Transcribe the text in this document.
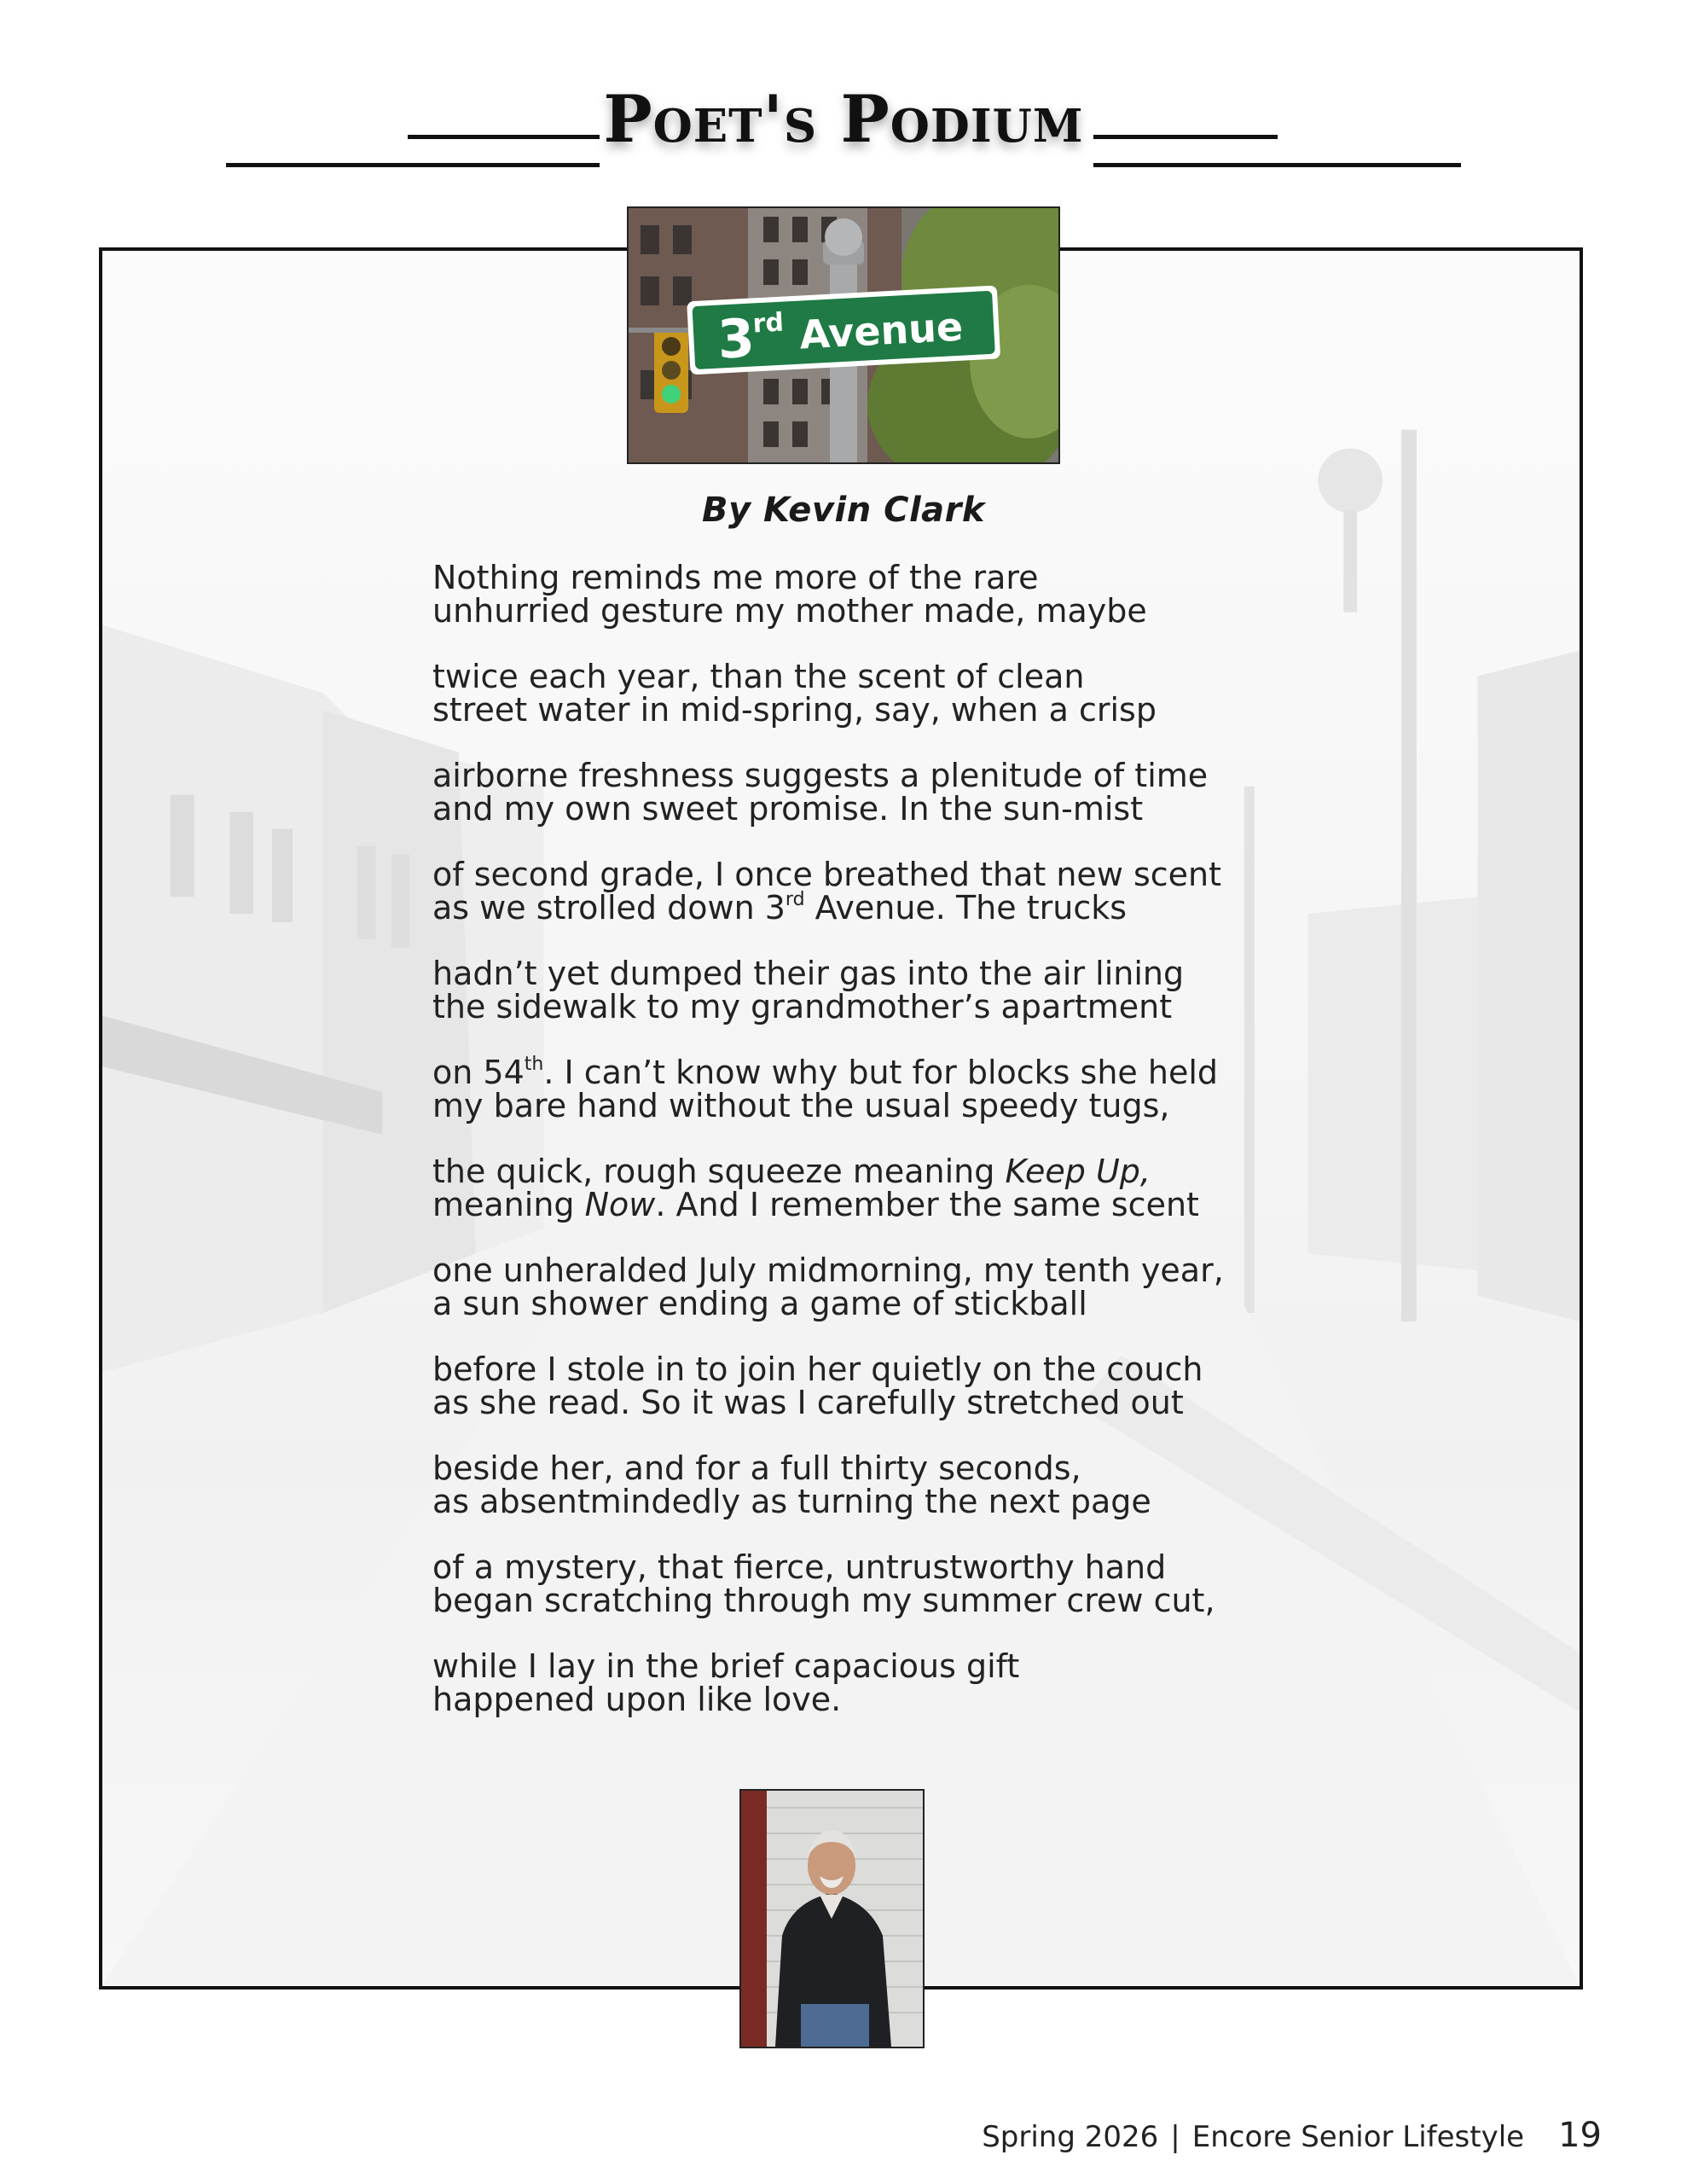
Poet's Podium
3
rd Avenue
By Kevin Clark
Nothing reminds me more of the rare
unhurried gesture my mother made, maybe
twice each year, than the scent of clean
street water in mid-spring, say, when a crisp
airborne freshness suggests a plenitude of time
and my own sweet promise. In the sun-mist
of second grade, I once breathed that new scent
as we strolled down 3rd Avenue. The trucks
hadn’t yet dumped their gas into the air lining
the sidewalk to my grandmother’s apartment
on 54th. I can’t know why but for blocks she held
my bare hand without the usual speedy tugs,
the quick, rough squeeze meaning Keep Up,
meaning Now. And I remember the same scent
one unheralded July midmorning, my tenth year,
a sun shower ending a game of stickball
before I stole in to join her quietly on the couch
as she read. So it was I carefully stretched out
beside her, and for a full thirty seconds,
as absentmindedly as turning the next page
of a mystery, that fierce, untrustworthy hand
began scratching through my summer crew cut,
while I lay in the brief capacious gift
happened upon like love.
Spring 2026 | Encore Senior Lifestyle 19
